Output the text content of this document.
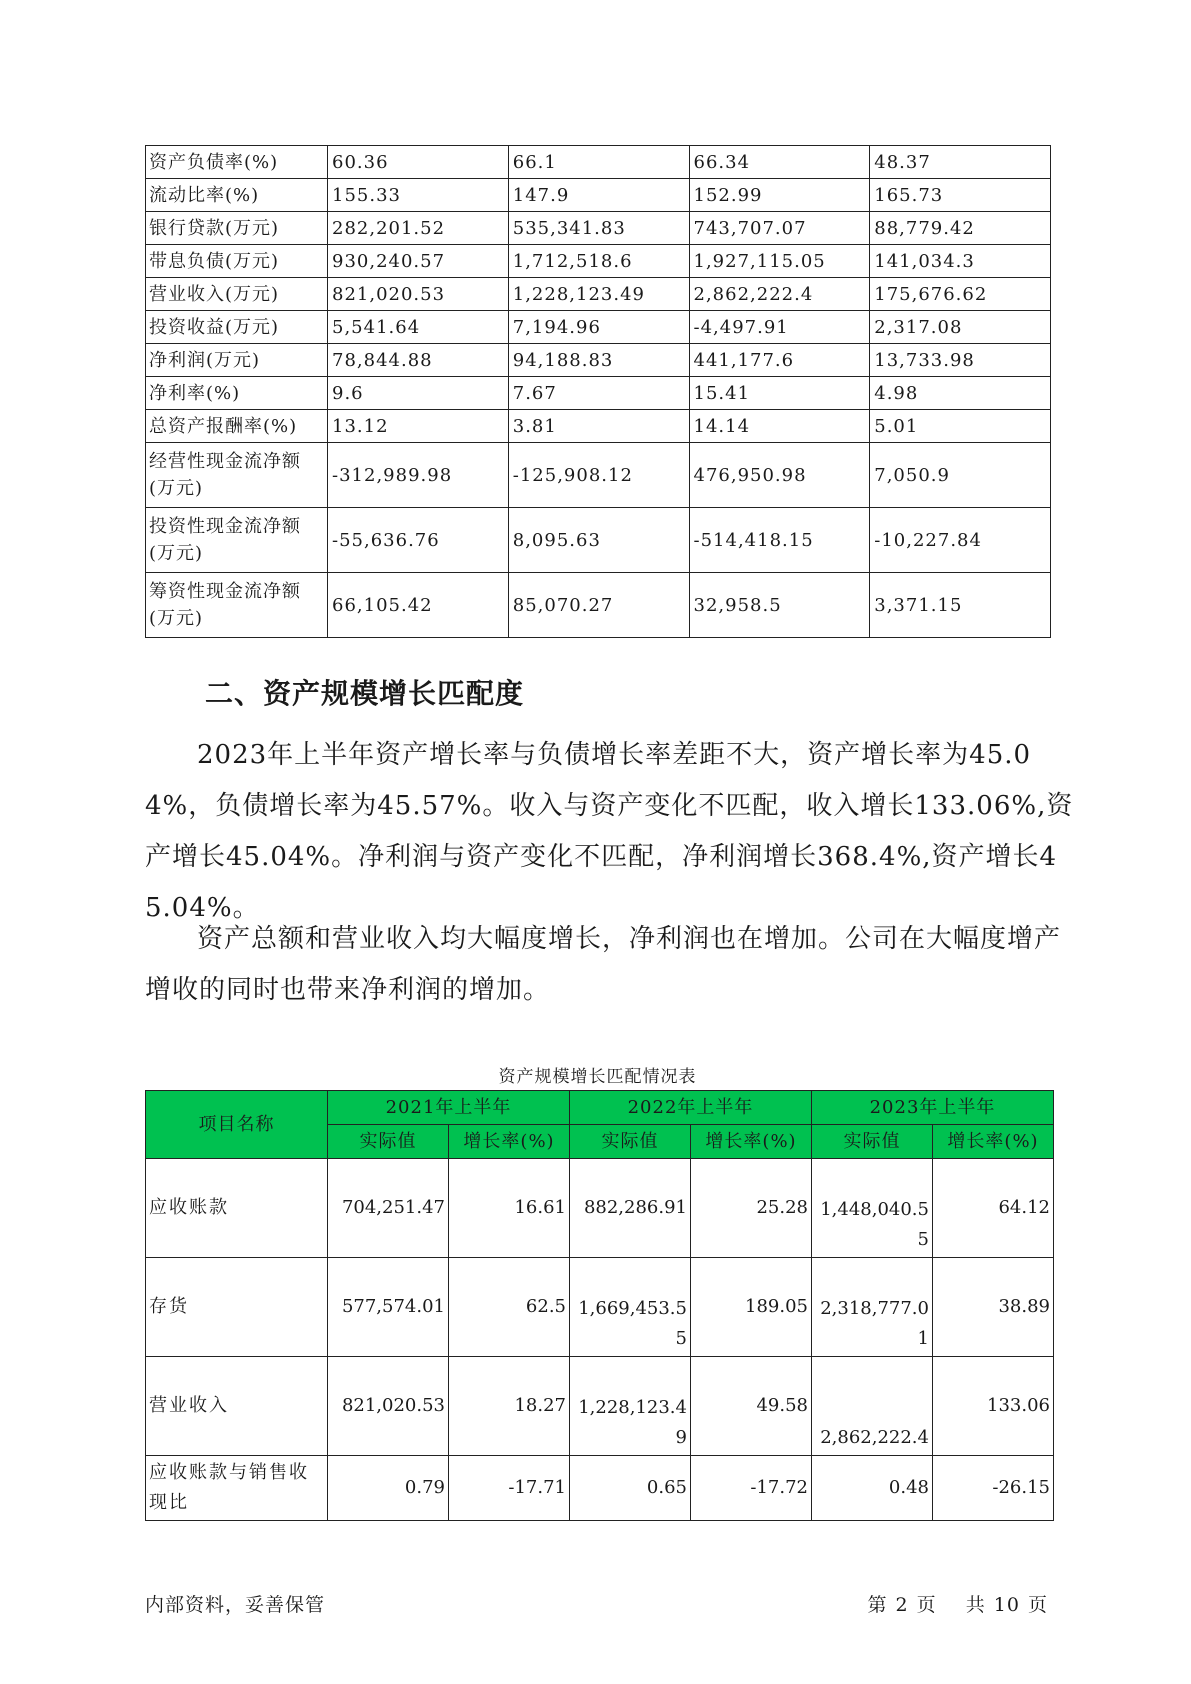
资产负债率(%)	60.36	66.1	66.34	48.37
流动比率(%)	155.33	147.9	152.99	165.73
银行贷款(万元)	282,201.52	535,341.83	743,707.07	88,779.42
带息负债(万元)	930,240.57	1,712,518.6	1,927,115.05	141,034.3
营业收入(万元)	821,020.53	1,228,123.49	2,862,222.4	175,676.62
投资收益(万元)	5,541.64	7,194.96	-4,497.91	2,317.08
净利润(万元)	78,844.88	94,188.83	441,177.6	13,733.98
净利率(%)	9.6	7.67	15.41	4.98
总资产报酬率(%)	13.12	3.81	14.14	5.01
经营性现金流净额(万元)	-312,989.98	-125,908.12	476,950.98	7,050.9
投资性现金流净额(万元)	-55,636.76	8,095.63	-514,418.15	-10,227.84
筹资性现金流净额(万元)	66,105.42	85,070.27	32,958.5	3,371.15
二、资产规模增长匹配度

2023年上半年资产增长率与负债增长率差距不大，资产增长率为45.04%，负债增长率为45.57%。收入与资产变化不匹配，收入增长133.06%,资产增长45.04%。净利润与资产变化不匹配，净利润增长368.4%,资产增长45.04%。

资产总额和营业收入均大幅度增长，净利润也在增加。公司在大幅度增产增收的同时也带来净利润的增加。

资产规模增长匹配情况表
项目名称	2021年上半年		2022年上半年		2023年上半年	
	实际值	增长率(%)	实际值	增长率(%)	实际值	增长率(%)
应收账款	704,251.47	16.61	882,286.91	25.28	1,448,040.55	64.12
存货	577,574.01	62.5	1,669,453.55	189.05	2,318,777.01	38.89
营业收入	821,020.53	18.27	1,228,123.49	49.58	2,862,222.4	133.06
应收账款与销售收现比	0.79	-17.71	0.65	-17.72	0.48	-26.15
内部资料，妥善保管	第 2 页 共 10 页
